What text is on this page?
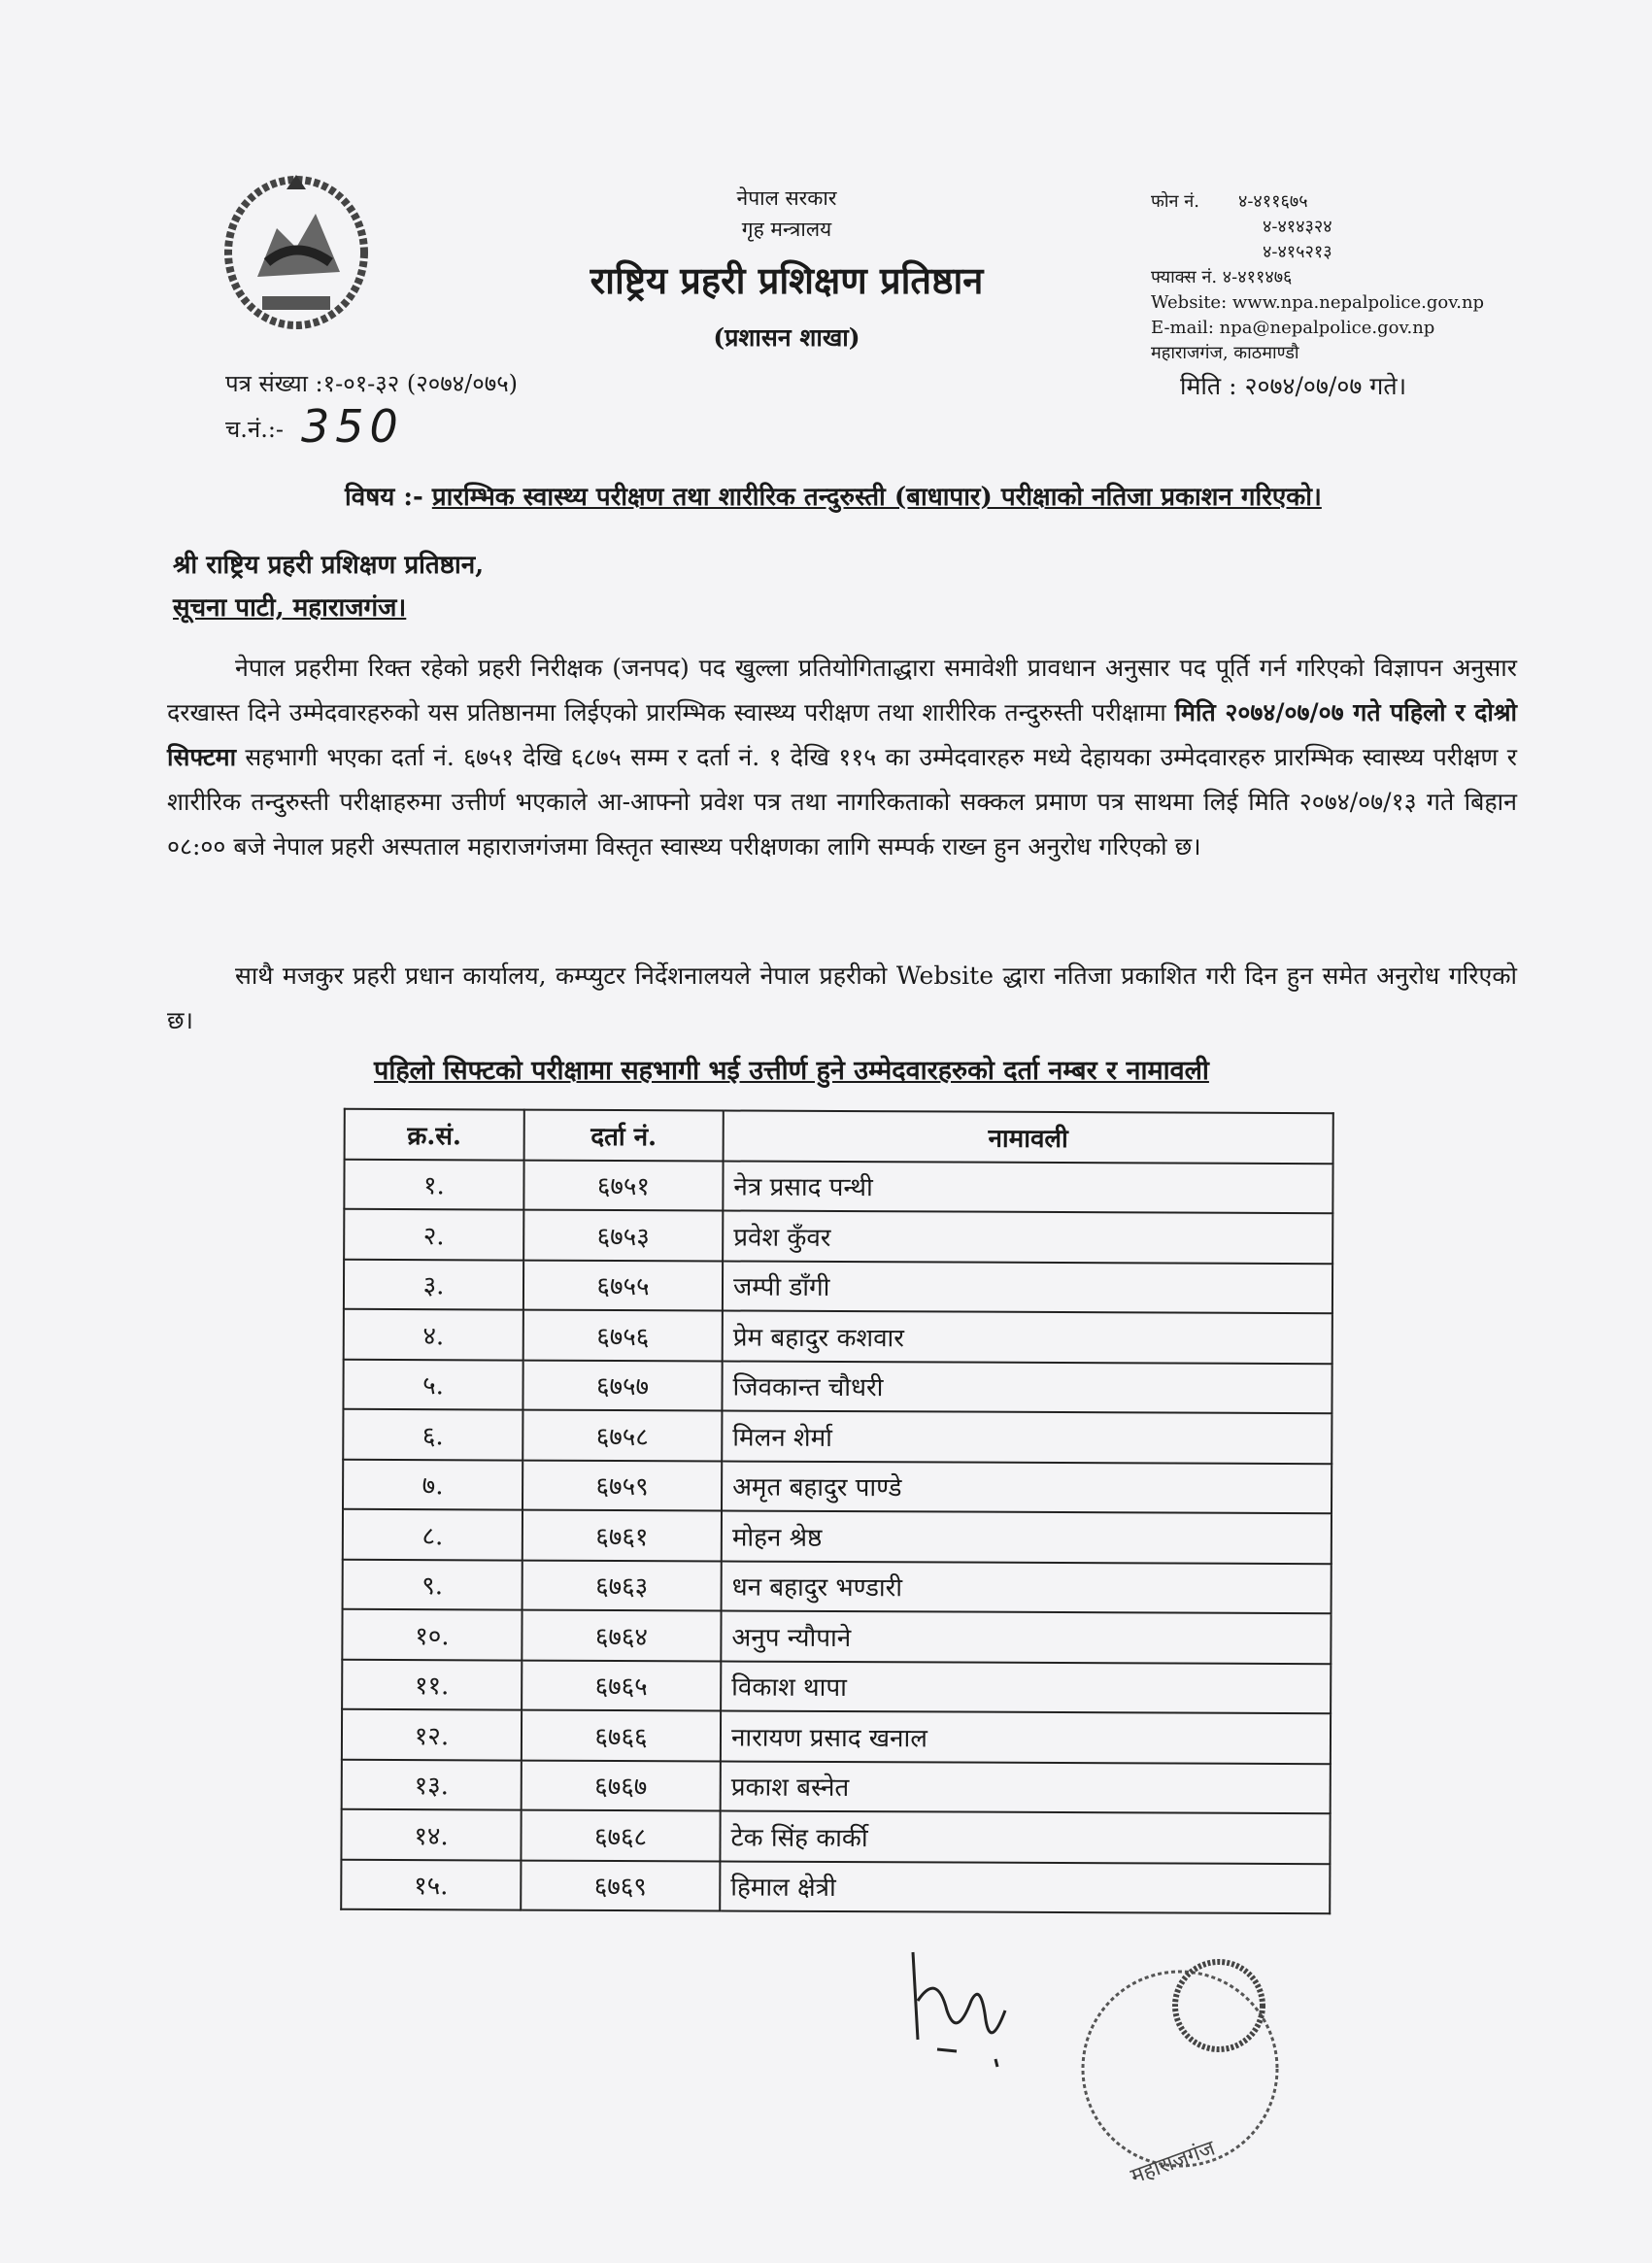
नेपाल सरकार
गृह मन्त्रालय
राष्ट्रिय प्रहरी प्रशिक्षण प्रतिष्ठान
(प्रशासन शाखा)
फोन नं. ४-४११६७५
४-४१४३२४
४-४१५२१३
फ्याक्स नं. ४-४११४७६
Website: www.npa.nepalpolice.gov.np
E-mail: npa@nepalpolice.gov.np
महाराजगंज, काठमाण्डौ
मिति : २०७४/०७/०७ गते।
पत्र संख्या :१-०१-३२ (२०७४/०७५)
च.नं.:- 350
विषय :- प्रारम्भिक स्वास्थ्य परीक्षण तथा शारीरिक तन्दुरुस्ती (बाधापार) परीक्षाको नतिजा प्रकाशन गरिएको।
श्री राष्ट्रिय प्रहरी प्रशिक्षण प्रतिष्ठान,
सूचना पाटी, महाराजगंज।
नेपाल प्रहरीमा रिक्त रहेको प्रहरी निरीक्षक (जनपद) पद खुल्ला प्रतियोगिताद्धारा समावेशी प्रावधान अनुसार पद पूर्ति गर्न गरिएको विज्ञापन अनुसार दरखास्त दिने उम्मेदवारहरुको यस प्रतिष्ठानमा लिईएको प्रारम्भिक स्वास्थ्य परीक्षण तथा शारीरिक तन्दुरुस्ती परीक्षामा मिति २०७४/०७/०७ गते पहिलो र दोश्रो सिफ्टमा सहभागी भएका दर्ता नं. ६७५१ देखि ६८७५ सम्म र दर्ता नं. १ देखि ११५ का उम्मेदवारहरु मध्ये देहायका उम्मेदवारहरु प्रारम्भिक स्वास्थ्य परीक्षण र शारीरिक तन्दुरुस्ती परीक्षाहरुमा उत्तीर्ण भएकाले आ-आफ्नो प्रवेश पत्र तथा नागरिकताको सक्कल प्रमाण पत्र साथमा लिई मिति २०७४/०७/१३ गते बिहान ०८:०० बजे नेपाल प्रहरी अस्पताल महाराजगंजमा विस्तृत स्वास्थ्य परीक्षणका लागि सम्पर्क राख्न हुन अनुरोध गरिएको छ।
साथै मजकुर प्रहरी प्रधान कार्यालय, कम्प्युटर निर्देशनालयले नेपाल प्रहरीको Website द्धारा नतिजा प्रकाशित गरी दिन हुन समेत अनुरोध गरिएको छ।
पहिलो सिफ्टको परीक्षामा सहभागी भई उत्तीर्ण हुने उम्मेदवारहरुको दर्ता नम्बर र नामावली
क्र.सं.	दर्ता नं.	नामावली
१.	६७५१	नेत्र प्रसाद पन्थी
२.	६७५३	प्रवेश कुँवर
३.	६७५५	जम्पी डाँगी
४.	६७५६	प्रेम बहादुर कशवार
५.	६७५७	जिवकान्त चौधरी
६.	६७५८	मिलन शेर्मा
७.	६७५९	अमृत बहादुर पाण्डे
८.	६७६१	मोहन श्रेष्ठ
९.	६७६३	धन बहादुर भण्डारी
१०.	६७६४	अनुप न्यौपाने
११.	६७६५	विकाश थापा
१२.	६७६६	नारायण प्रसाद खनाल
१३.	६७६७	प्रकाश बस्नेत
१४.	६७६८	टेक सिंह कार्की
१५.	६७६९	हिमाल क्षेत्री
महाराजगंज
